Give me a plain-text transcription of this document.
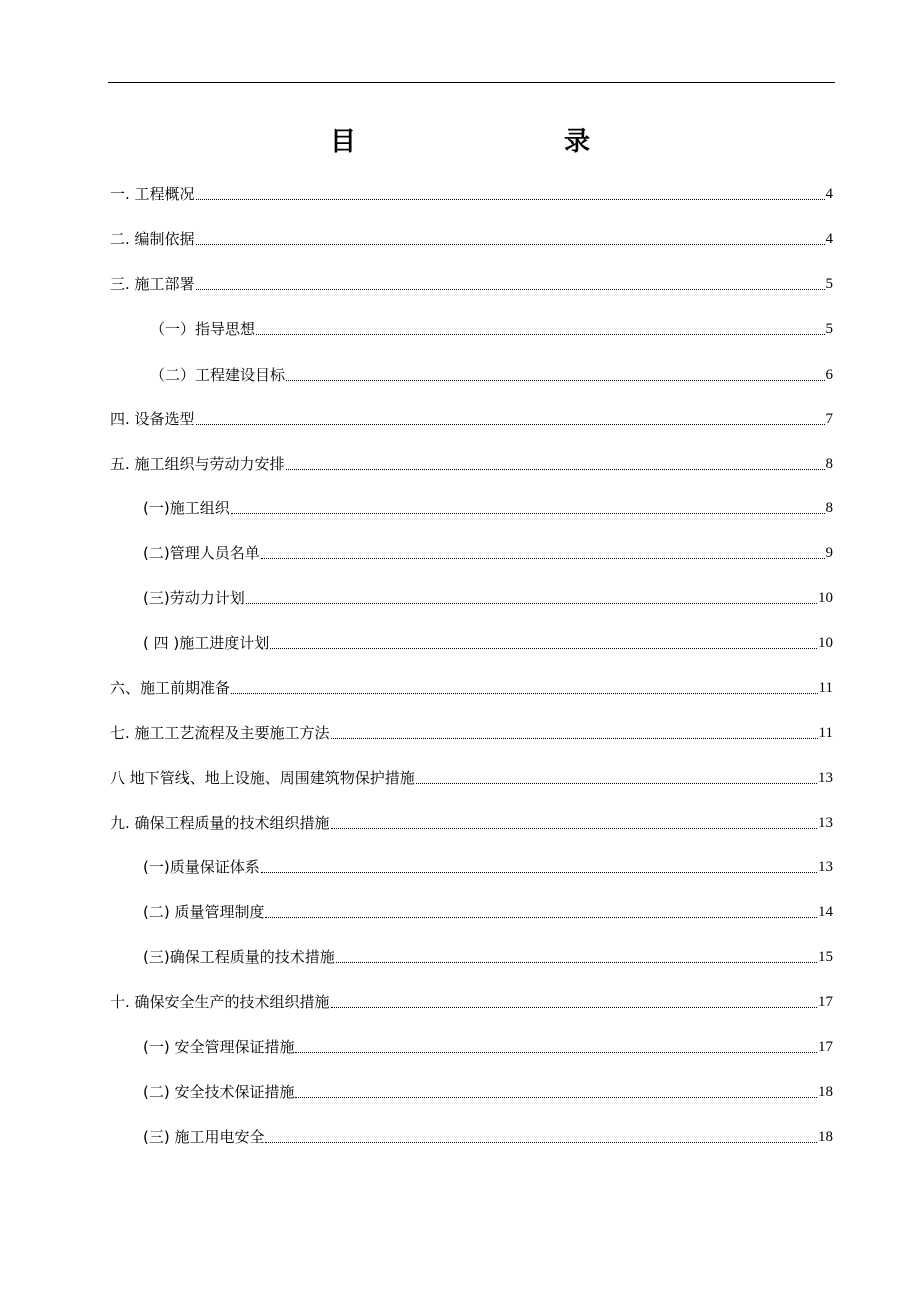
目　　录
一. 工程概况	4
二. 编制依据	4
三. 施工部署	5
（一）指导思想	5
（二）工程建设目标	6
四. 设备选型	7
五. 施工组织与劳动力安排	8
(一)施工组织	8
(二)管理人员名单	9
(三)劳动力计划	10
( 四 )施工进度计划	10
六、施工前期准备	11
七. 施工工艺流程及主要施工方法	11
八 地下管线、地上设施、周围建筑物保护措施	13
九. 确保工程质量的技术组织措施	13
(一)质量保证体系	13
(二) 质量管理制度	14
(三)确保工程质量的技术措施	15
十. 确保安全生产的技术组织措施	17
(一) 安全管理保证措施	17
(二) 安全技术保证措施	18
(三) 施工用电安全	18
